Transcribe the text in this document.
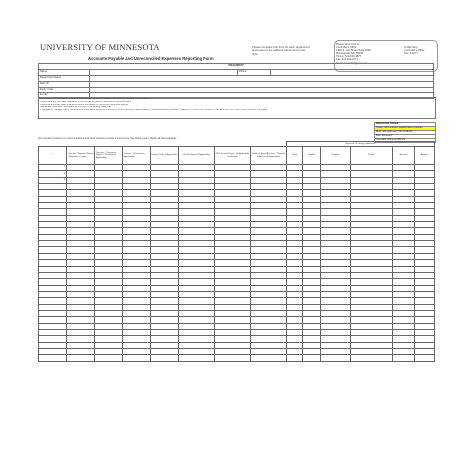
UNIVERSITY OF MINNESOTA
Accounts Payable and Unreconciled Expenses Reporting Form
Please complete this form for each department and return to the address referenced to the right.
Please send form to:
Controller's Office
1300 S. 2nd Street Suite #205
Minneapolis, MN 55454
Phone: 612-624-1877
Fax: 612-624-1677
Email: controller@umn.edu
U Mail Stop
Controller's Office
Fax: 4-1677
*REQUIRED*			
Name		Phone	
Department Name			
Dept ID			
Entity Code			
E-mail			

We have unpaid invoices or unreconciled expense reports that relate to the closing fiscal year (check below):

• A journal entry has been completed to record the accrual as described in the instructions.

• A journal entry has been entered to record the liability in the current fiscal year period.

• Expenses have been reconciled as of 06/30 in the closing fiscal year.

• Navigate to "Ledger Inquiry" and view the 8100/8101 accounts to confirm DO NOT ENTER PREPAYMENTS OR ADVANCE PAYMENTS. REFER TO INSTRUCTIONS IN THE SECTION OF THIS FORM. Click the link below.

INDICATOR CODES
Yellow: Not received, please have to Vendor
Blue: Not Approved / Not Finalized
Red: Received
Complete: Received Bill Pa
List unpaid invoices or unreconciled expenses received at the expense for the fiscal year (check all that applies):
								Expense CF String Information					
#	Voucher / Expense Report / Reference / Other	Voucher # / Expense Report # (if known or Applicable)	Invoice # (if known or Applicable)	Invoice Date (if Applicable)	Vendor Name (if Applicable)	GFS Journal Entry # (if Applicable) for Accrual	Balance Sheet Account # Related to Accrual (if Applicable)	Fund	DeptID	Program	Project	Account	Amount
1													
2													
3													
